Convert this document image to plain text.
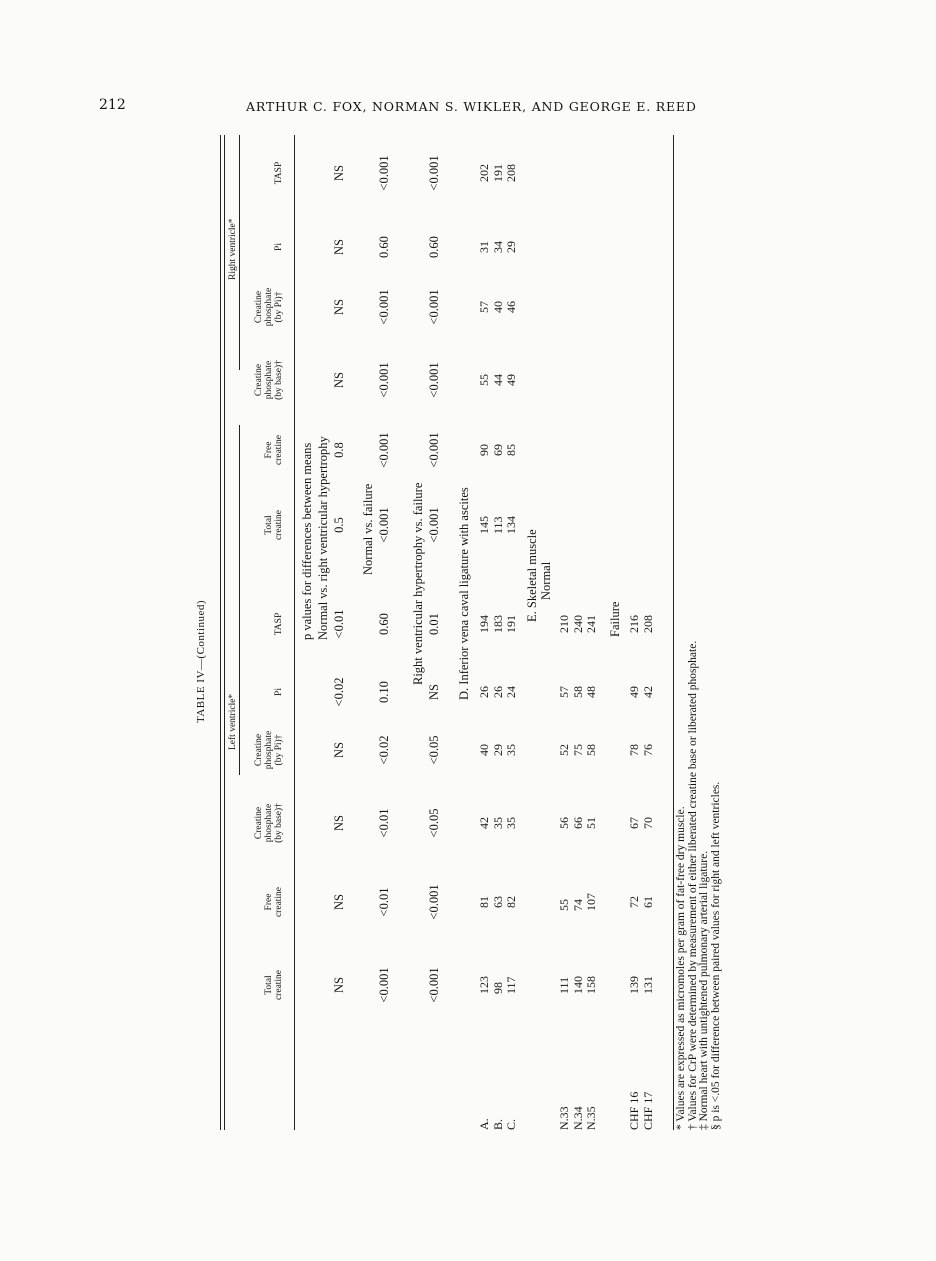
212	ARTHUR C. FOX, NORMAN S. WIKLER, AND GEORGE E. REED
TABLE IV—(Continued) Left ventricle*
Right ventricle*
Total creatine
Free creatine
Creatine phosphate (by base)†
Creatine phosphate (by Pi)†
Pi
TASP
Total creatine
Free creatine
Creatine phosphate (by base)†
Creatine phosphate (by Pi)†
Pi
TASP
p values for differences between means Normal vs. right ventricular hypertrophy
NS
NS
NS
NS
<0.02
<0.01
0.5
0.8
NS
NS
NS
NS
Normal vs. failure
<0.001
<0.01
<0.01
<0.02
0.10
0.60
<0.001
<0.001
<0.001
<0.001
0.60
<0.001
Right ventricular hypertrophy vs. failure
<0.001
<0.001
<0.05
<0.05
NS
0.01
<0.001
<0.001
<0.001
<0.001
0.60
<0.001
D. Inferior vena caval ligature with ascites
A. B. C.
123 98 117
81 63 82
42 35 35
40 29 35
26 26 24
194 183 191
145 113 134
90 69 85
55 44 49
57 40 46
31 34 29
202 191 208
E. Skeletal muscle Normal
N.33 N.34 N.35
111 140 158
55 74 107
56 66 51
52 75 58
57 58 48
210 240 241 Failure
CHF 16 CHF 17
139 131
72 61
67 70
78 76
49 42
216 208
* Values are expressed as micromoles per gram of fat-free dry muscle. † Values for CrP were determined by measurement of either liberated creatine base or liberated phosphate. ‡ Normal heart with untightened pulmonary arterial ligature. § p is <.05 for difference between paired values for right and left ventricles.
